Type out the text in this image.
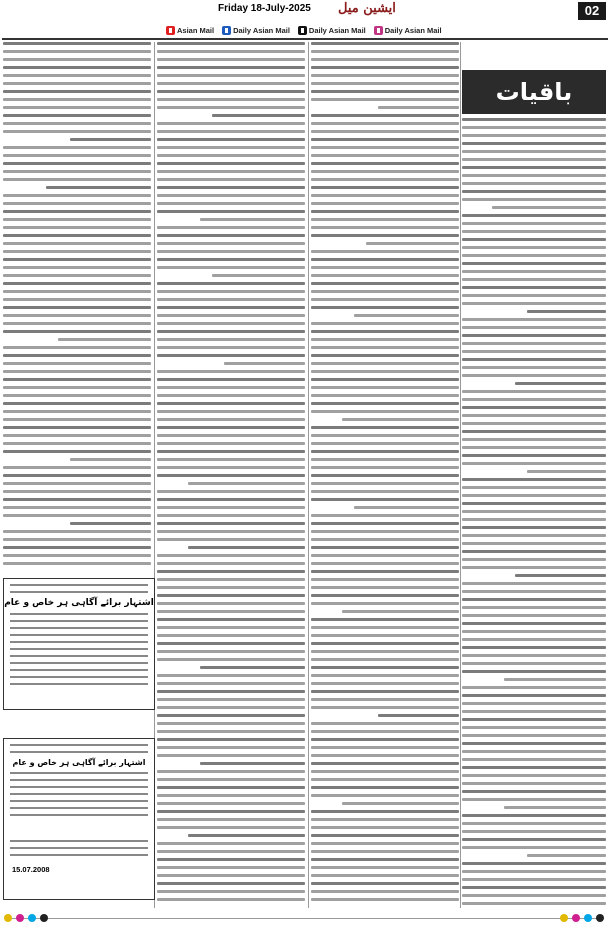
02
Friday 18-July-2025 ایشین میل
Asian Mail	Daily Asian Mail	Daily Asian Mail	Daily Asian Mail
باقیات
اشتہار برائے آگاہی ہر خاص و عام
اشتہار برائے آگاہی ہر خاص و عام
15.07.2008
